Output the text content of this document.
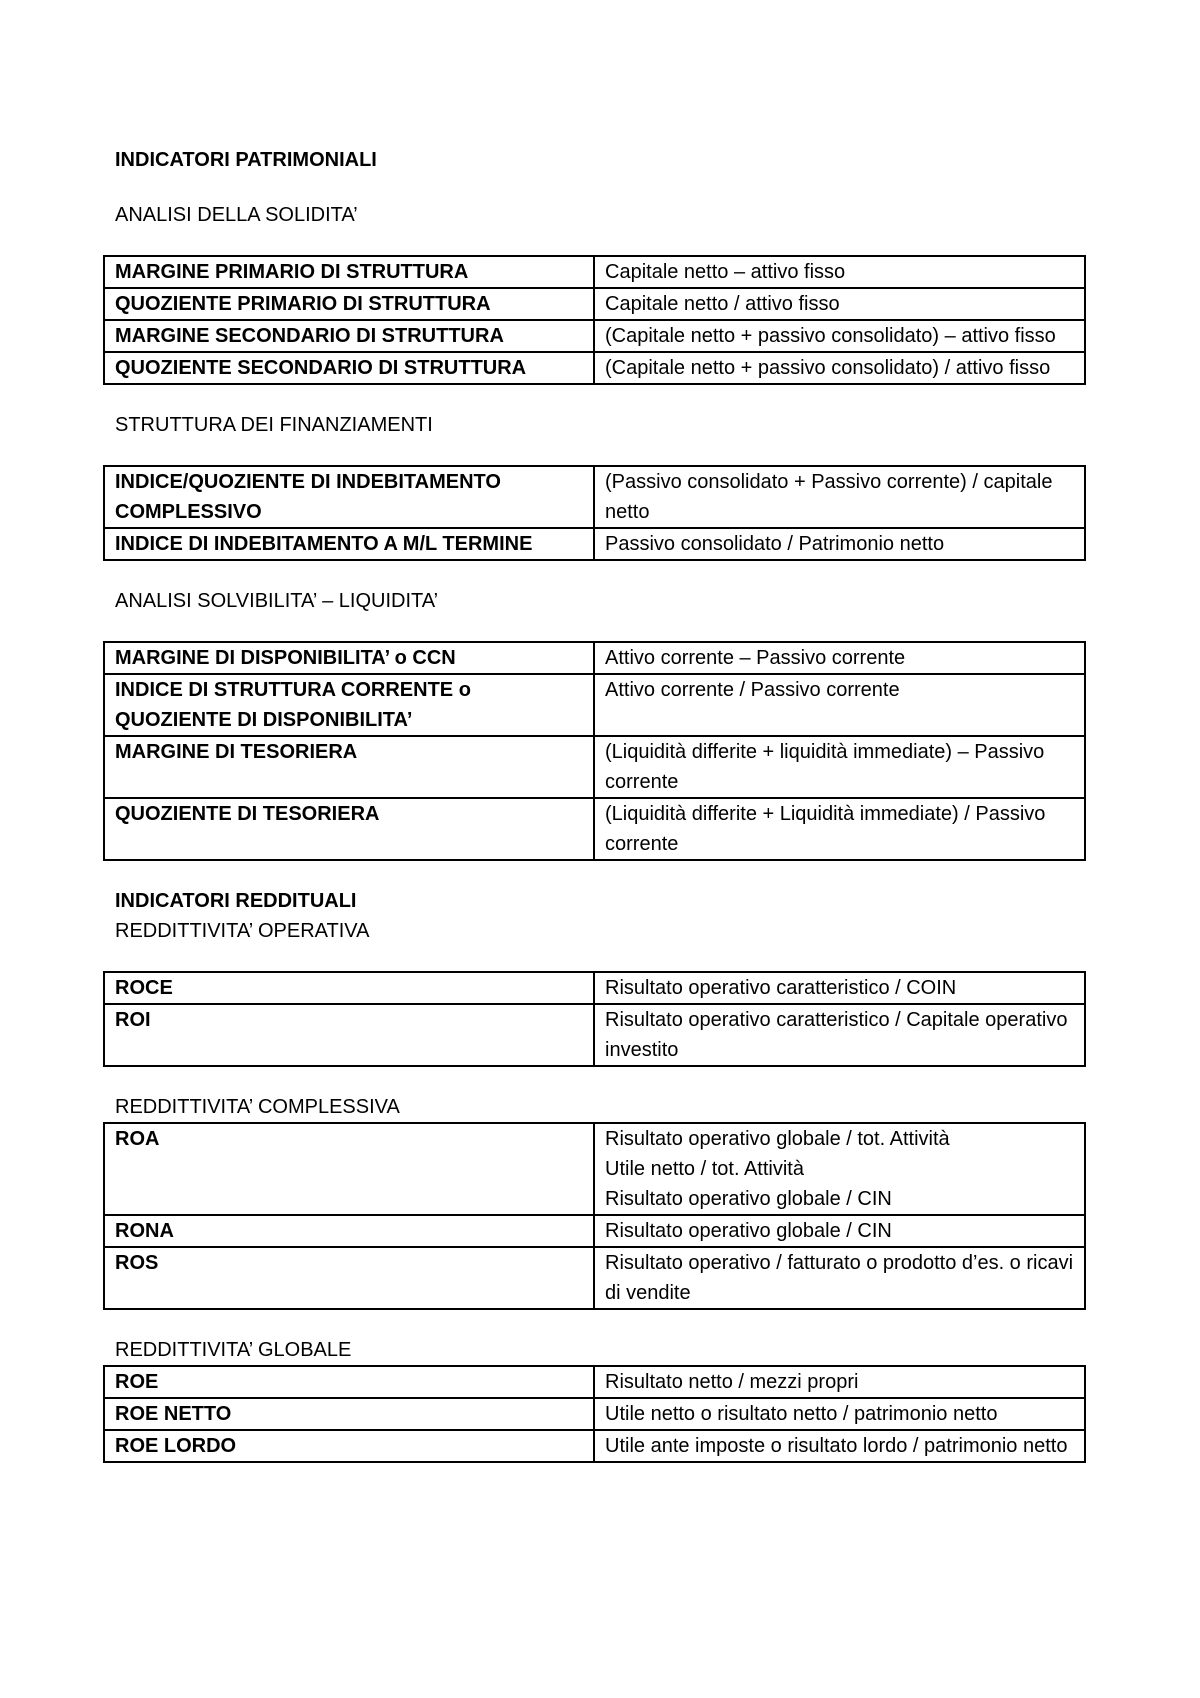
INDICATORI PATRIMONIALI

ANALISI DELLA SOLIDITA’

MARGINE PRIMARIO DI STRUTTURA	Capitale netto – attivo fisso

QUOZIENTE PRIMARIO DI STRUTTURA	Capitale netto / attivo fisso

MARGINE SECONDARIO DI STRUTTURA	(Capitale netto + passivo consolidato) – attivo fisso

QUOZIENTE SECONDARIO DI STRUTTURA	(Capitale netto + passivo consolidato) / attivo fisso

STRUTTURA DEI FINANZIAMENTI

INDICE/QUOZIENTE DI INDEBITAMENTO COMPLESSIVO	(Passivo consolidato + Passivo corrente) / capitale netto

INDICE DI INDEBITAMENTO A M/L TERMINE	Passivo consolidato / Patrimonio netto

ANALISI SOLVIBILITA’ – LIQUIDITA’

MARGINE DI DISPONIBILITA’ o CCN	Attivo corrente – Passivo corrente

INDICE DI STRUTTURA CORRENTE o QUOZIENTE DI DISPONIBILITA’	Attivo corrente / Passivo corrente

MARGINE DI TESORIERA	(Liquidità differite + liquidità immediate) – Passivo corrente

QUOZIENTE DI TESORIERA	(Liquidità differite + Liquidità immediate) / Passivo corrente

INDICATORI REDDITUALI

REDDITTIVITA’ OPERATIVA

ROCE	Risultato operativo caratteristico / COIN

ROI	Risultato operativo caratteristico / Capitale operativo investito

REDDITTIVITA’ COMPLESSIVA

ROA	Risultato operativo globale / tot. Attività
Utile netto / tot. Attività
Risultato operativo globale / CIN

RONA	Risultato operativo globale / CIN

ROS	Risultato operativo / fatturato o prodotto d’es. o ricavi di vendite

REDDITTIVITA’ GLOBALE

ROE	Risultato netto / mezzi propri

ROE NETTO	Utile netto o risultato netto / patrimonio netto

ROE LORDO	Utile ante imposte o risultato lordo / patrimonio netto
